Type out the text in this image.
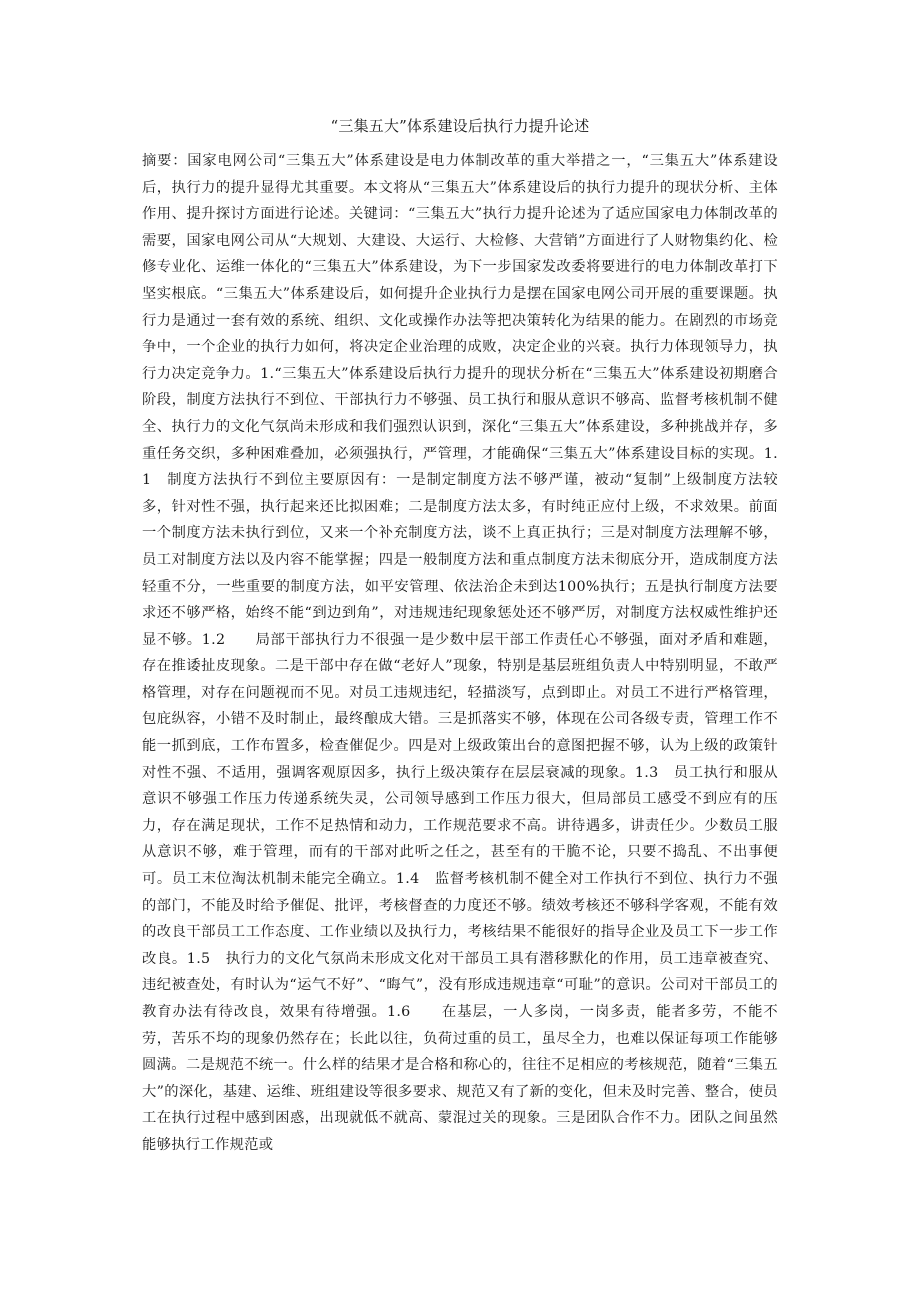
“三集五大”体系建设后执行力提升论述

摘要：国家电网公司“三集五大”体系建设是电力体制改革的重大举措之一，“三集五大”体系建设后，执行力的提升显得尤其重要。本文将从“三集五大”体系建设后的执行力提升的现状分析、主体作用、提升探讨方面进行论述。关键词：“三集五大”执行力提升论述为了适应国家电力体制改革的需要，国家电网公司从“大规划、大建设、大运行、大检修、大营销”方面进行了人财物集约化、检修专业化、运维一体化的“三集五大”体系建设，为下一步国家发改委将要进行的电力体制改革打下坚实根底。“三集五大”体系建设后，如何提升企业执行力是摆在国家电网公司开展的重要课题。执行力是通过一套有效的系统、组织、文化或操作办法等把决策转化为结果的能力。在剧烈的市场竞争中，一个企业的执行力如何，将决定企业治理的成败，决定企业的兴衰。执行力体现领导力，执行力决定竞争力。1.“三集五大”体系建设后执行力提升的现状分析在“三集五大”体系建设初期磨合阶段，制度方法执行不到位、干部执行力不够强、员工执行和服从意识不够高、监督考核机制不健全、执行力的文化气氛尚未形成和我们强烈认识到，深化“三集五大”体系建设，多种挑战并存，多重任务交织，多种困难叠加，必须强执行，严管理，才能确保“三集五大”体系建设目标的实现。1.1　制度方法执行不到位主要原因有：一是制定制度方法不够严谨，被动“复制”上级制度方法较多，针对性不强，执行起来还比拟困难；二是制度方法太多，有时纯正应付上级，不求效果。前面一个制度方法未执行到位，又来一个补充制度方法，谈不上真正执行；三是对制度方法理解不够，员工对制度方法以及内容不能掌握；四是一般制度方法和重点制度方法未彻底分开，造成制度方法轻重不分，一些重要的制度方法，如平安管理、依法治企未到达100%执行；五是执行制度方法要求还不够严格，始终不能“到边到角”，对违规违纪现象惩处还不够严厉，对制度方法权威性维护还显不够。1.2　　局部干部执行力不很强一是少数中层干部工作责任心不够强，面对矛盾和难题，存在推诿扯皮现象。二是干部中存在做“老好人”现象，特别是基层班组负责人中特别明显，不敢严格管理，对存在问题视而不见。对员工违规违纪，轻描淡写，点到即止。对员工不进行严格管理，包庇纵容，小错不及时制止，最终酿成大错。三是抓落实不够，体现在公司各级专责，管理工作不能一抓到底，工作布置多，检查催促少。四是对上级政策出台的意图把握不够，认为上级的政策针对性不强、不适用，强调客观原因多，执行上级决策存在层层衰减的现象。1.3　员工执行和服从意识不够强工作压力传递系统失灵，公司领导感到工作压力很大，但局部员工感受不到应有的压力，存在满足现状，工作不足热情和动力，工作规范要求不高。讲待遇多，讲责任少。少数员工服从意识不够，难于管理，而有的干部对此听之任之，甚至有的干脆不论，只要不捣乱、不出事便可。员工末位淘汰机制未能完全确立。1.4　监督考核机制不健全对工作执行不到位、执行力不强的部门，不能及时给予催促、批评，考核督查的力度还不够。绩效考核还不够科学客观，不能有效的改良干部员工工作态度、工作业绩以及执行力，考核结果不能很好的指导企业及员工下一步工作改良。1.5　执行力的文化气氛尚未形成文化对干部员工具有潜移默化的作用，员工违章被查究、违纪被查处，有时认为“运气不好”、“晦气”，没有形成违规违章“可耻”的意识。公司对干部员工的教育办法有待改良，效果有待增强。1.6　　在基层，一人多岗，一岗多责，能者多劳，不能不劳，苦乐不均的现象仍然存在；长此以往，负荷过重的员工，虽尽全力，也难以保证每项工作能够圆满。二是规范不统一。什么样的结果才是合格和称心的，往往不足相应的考核规范，随着“三集五大”的深化，基建、运维、班组建设等很多要求、规范又有了新的变化，但未及时完善、整合，使员工在执行过程中感到困惑，出现就低不就高、蒙混过关的现象。三是团队合作不力。团队之间虽然能够执行工作规范或
